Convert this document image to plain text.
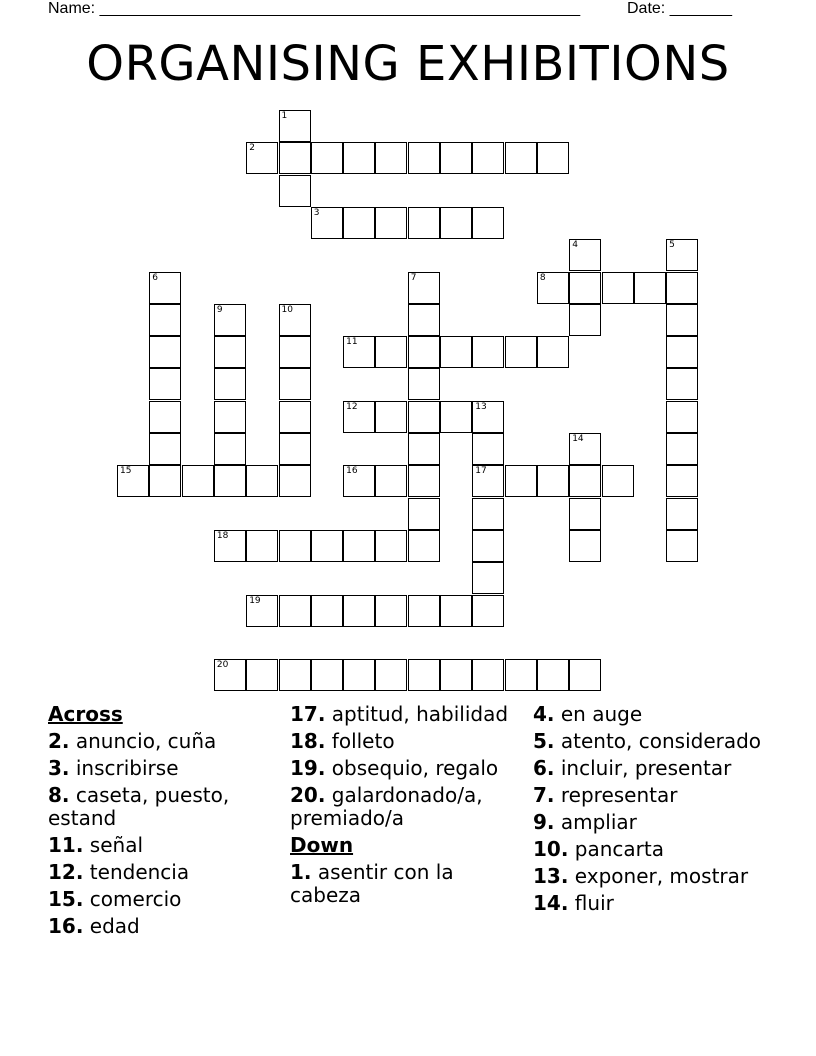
Name: ______________________________________________________	Date: _______
ORGANISING EXHIBITIONS
1
2
3
4	5
6	7	8
9	10
11
12	13
17
14
15	16
18
19
20
Across
2. anuncio, cuña
3. inscribirse
8. caseta, puesto, estand
11. señal
12. tendencia
15. comercio
16. edad
17. aptitud, habilidad
18. folleto
19. obsequio, regalo
20. galardonado/a, premiado/a
Down
1. asentir con la cabeza
4. en auge
5. atento, considerado
6. incluir, presentar
7. representar
9. ampliar
10. pancarta
13. exponer, mostrar
14. fluir
